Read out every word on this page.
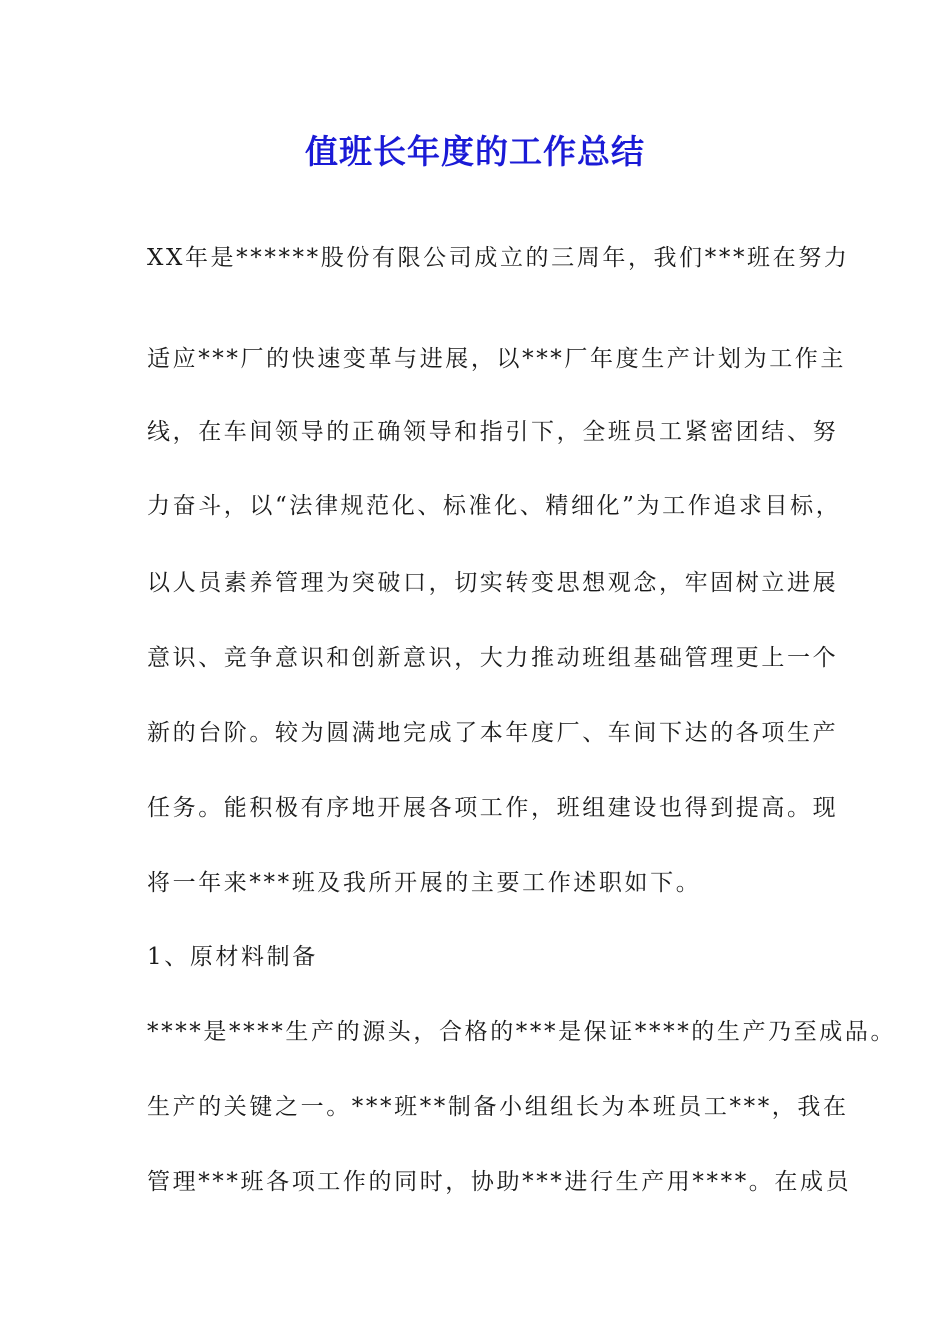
值班长年度的工作总结
XX年是******股份有限公司成立的三周年，我们***班在努力
适应***厂的快速变革与进展，以***厂年度生产计划为工作主
线，在车间领导的正确领导和指引下，全班员工紧密团结、努
力奋斗，以“法律规范化、标准化、精细化”为工作追求目标，
以人员素养管理为突破口，切实转变思想观念，牢固树立进展
意识、竞争意识和创新意识，大力推动班组基础管理更上一个
新的台阶。较为圆满地完成了本年度厂、车间下达的各项生产
任务。能积极有序地开展各项工作，班组建设也得到提高。现
将一年来***班及我所开展的主要工作述职如下。
1、原材料制备
****是****生产的源头，合格的***是保证****的生产乃至成品。
生产的关键之一。***班**制备小组组长为本班员工***，我在
管理***班各项工作的同时，协助***进行生产用****。在成员
